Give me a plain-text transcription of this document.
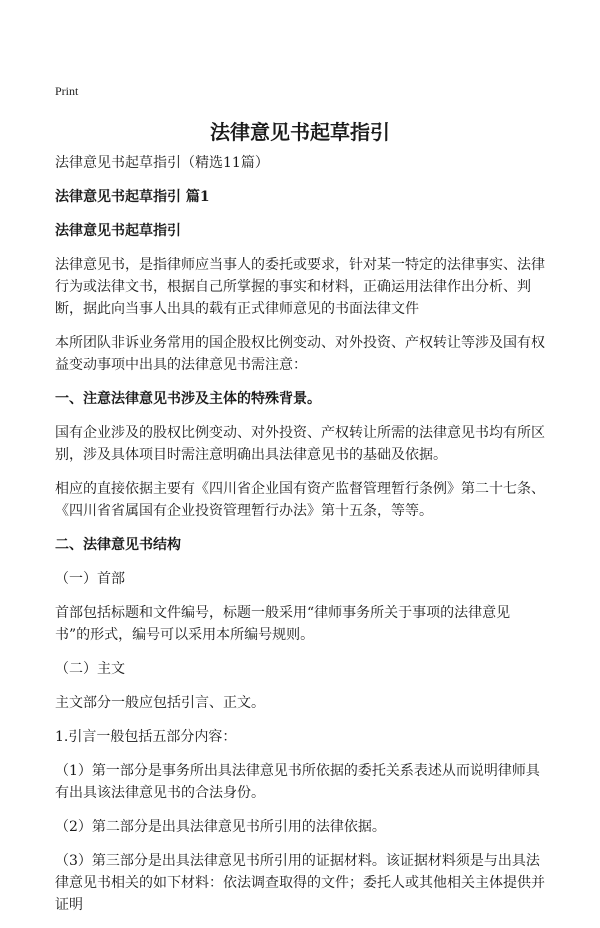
Print
法律意见书起草指引

法律意见书起草指引（精选11篇）

法律意见书起草指引 篇1

法律意见书起草指引

法律意见书，是指律师应当事人的委托或要求，针对某一特定的法律事实、法律行为或法律文书，根据自己所掌握的事实和材料，正确运用法律作出分析、判断，据此向当事人出具的载有正式律师意见的书面法律文件

本所团队非诉业务常用的国企股权比例变动、对外投资、产权转让等涉及国有权益变动事项中出具的法律意见书需注意：

一、注意法律意见书涉及主体的特殊背景。

国有企业涉及的股权比例变动、对外投资、产权转让所需的法律意见书均有所区别，涉及具体项目时需注意明确出具法律意见书的基础及依据。

相应的直接依据主要有《四川省企业国有资产监督管理暂行条例》第二十七条、《四川省省属国有企业投资管理暂行办法》第十五条，等等。

二、法律意见书结构

（一）首部

首部包括标题和文件编号，标题一般采用“律师事务所关于事项的法律意见书”的形式，编号可以采用本所编号规则。

（二）主文

主文部分一般应包括引言、正文。

1.引言一般包括五部分内容：

（1）第一部分是事务所出具法律意见书所依据的委托关系表述从而说明律师具有出具该法律意见书的合法身份。

（2）第二部分是出具法律意见书所引用的法律依据。

（3）第三部分是出具法律意见书所引用的证据材料。该证据材料须是与出具法律意见书相关的如下材料：依法调查取得的文件；委托人或其他相关主体提供并证明
